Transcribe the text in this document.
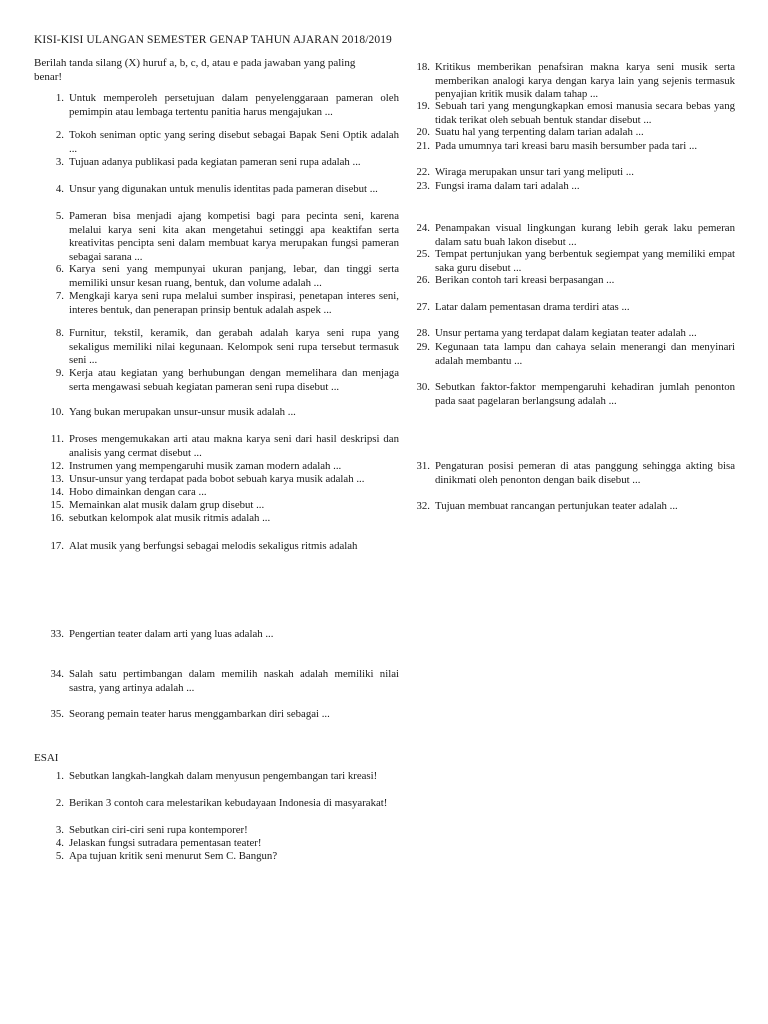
KISI-KISI ULANGAN SEMESTER GENAP TAHUN AJARAN 2018/2019
Berilah tanda silang (X) huruf a, b, c, d, atau e pada jawaban yang paling benar!
1. Untuk memperoleh persetujuan dalam penyelenggaraan pameran oleh pemimpin atau lembaga tertentu panitia harus mengajukan ...
2. Tokoh seniman optic yang sering disebut sebagai Bapak Seni Optik adalah ...
3. Tujuan adanya publikasi pada kegiatan pameran seni rupa adalah ...
4. Unsur yang digunakan untuk menulis identitas pada pameran disebut ...
5. Pameran bisa menjadi ajang kompetisi bagi para pecinta seni, karena melalui karya seni kita akan mengetahui setinggi apa keaktifan serta kreativitas pencipta seni dalam membuat karya merupakan fungsi pameran sebagai sarana ...
6. Karya seni yang mempunyai ukuran panjang, lebar, dan tinggi serta memiliki unsur kesan ruang, bentuk, dan volume adalah ...
7. Mengkaji karya seni rupa melalui sumber inspirasi, penetapan interes seni, interes bentuk, dan penerapan prinsip bentuk adalah aspek ...
8. Furnitur, tekstil, keramik, dan gerabah adalah karya seni rupa yang sekaligus memiliki nilai kegunaan. Kelompok seni rupa tersebut termasuk seni ...
9. Kerja atau kegiatan yang berhubungan dengan memelihara dan menjaga serta mengawasi sebuah kegiatan pameran seni rupa disebut ...
10. Yang bukan merupakan unsur-unsur musik adalah ...
11. Proses mengemukakan arti atau makna karya seni dari hasil deskripsi dan analisis yang cermat disebut ...
12. Instrumen yang mempengaruhi musik zaman modern adalah ...
13. Unsur-unsur yang terdapat pada bobot sebuah karya musik adalah ...
14. Hobo dimainkan dengan cara ...
15. Memainkan alat musik dalam grup disebut ...
16. sebutkan kelompok alat musik ritmis adalah ...
17. Alat musik yang berfungsi sebagai melodis sekaligus ritmis adalah
33. Pengertian teater dalam arti yang luas adalah ...
34. Salah satu pertimbangan dalam memilih naskah adalah memiliki nilai sastra, yang artinya adalah ...
35. Seorang pemain teater harus menggambarkan diri sebagai ...
18. Kritikus memberikan penafsiran makna karya seni musik serta memberikan analogi karya dengan karya lain yang sejenis termasuk penyajian kritik musik dalam tahap ...
19. Sebuah tari yang mengungkapkan emosi manusia secara bebas yang tidak terikat oleh sebuah bentuk standar disebut ...
20. Suatu hal yang terpenting dalam tarian adalah ...
21. Pada umumnya tari kreasi baru masih bersumber pada tari ...
22. Wiraga merupakan unsur tari yang meliputi ...
23. Fungsi irama dalam tari adalah ...
24. Penampakan visual lingkungan kurang lebih gerak laku pemeran dalam satu buah lakon disebut ...
25. Tempat pertunjukan yang berbentuk segiempat yang memiliki empat saka guru disebut ...
26. Berikan contoh tari kreasi berpasangan ...
27. Latar dalam pementasan drama terdiri atas ...
28. Unsur pertama yang terdapat dalam kegiatan teater adalah ...
29. Kegunaan tata lampu dan cahaya selain menerangi dan menyinari adalah membantu ...
30. Sebutkan faktor-faktor mempengaruhi kehadiran jumlah penonton pada saat pagelaran berlangsung adalah ...
31. Pengaturan posisi pemeran di atas panggung sehingga akting bisa dinikmati oleh penonton dengan baik disebut ...
32. Tujuan membuat rancangan pertunjukan teater adalah ...
ESAI
1. Sebutkan langkah-langkah dalam menyusun pengembangan tari kreasi!
2. Berikan 3 contoh cara melestarikan kebudayaan Indonesia di masyarakat!
3. Sebutkan ciri-ciri seni rupa kontemporer!
4. Jelaskan fungsi sutradara pementasan teater!
5. Apa tujuan kritik seni menurut Sem C. Bangun?
